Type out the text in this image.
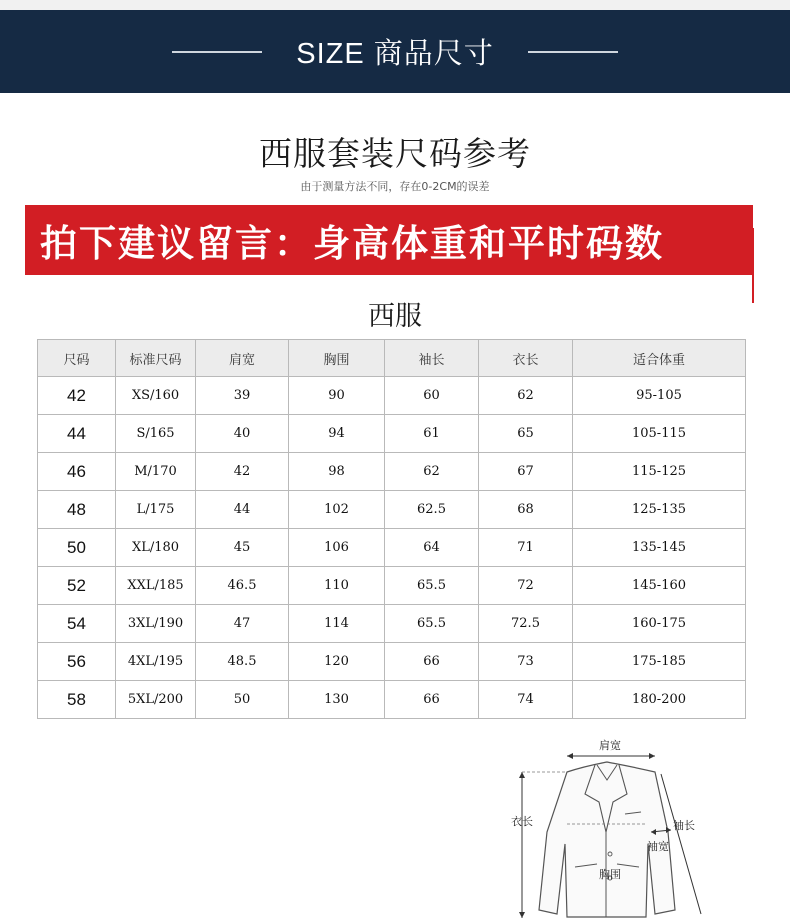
SIZE 商品尺寸
西服套装尺码参考
由于测量方法不同，存在0-2CM的误差
拍下建议留言：身高体重和平时码数
西服
尺码	标准尺码	肩宽	胸围	袖长	衣长	适合体重
42	XS/160	39	90	60	62	95-105
44	S/165	40	94	61	65	105-115
46	M/170	42	98	62	67	115-125
48	L/175	44	102	62.5	68	125-135
50	XL/180	45	106	64	71	135-145
52	XXL/185	46.5	110	65.5	72	145-160
54	3XL/190	47	114	65.5	72.5	160-175
56	4XL/195	48.5	120	66	73	175-185
58	5XL/200	50	130	66	74	180-200
肩宽
衣长
胸围
袖长
袖宽
